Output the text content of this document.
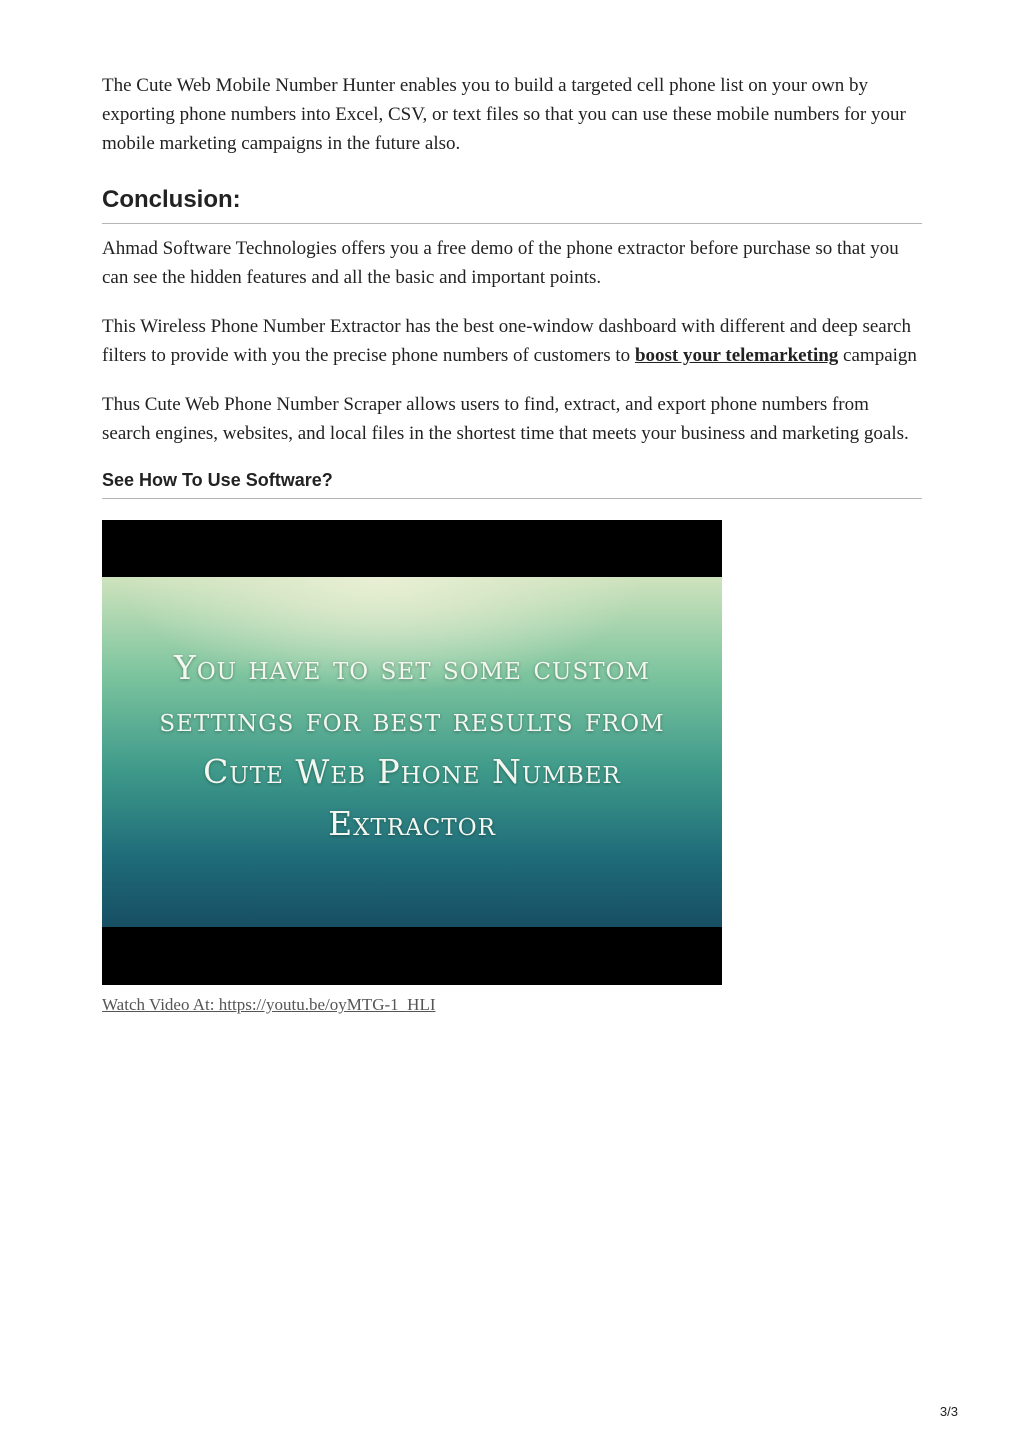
The Cute Web Mobile Number Hunter enables you to build a targeted cell phone list on your own by exporting phone numbers into Excel, CSV, or text files so that you can use these mobile numbers for your mobile marketing campaigns in the future also.

Conclusion:

Ahmad Software Technologies offers you a free demo of the phone extractor before purchase so that you can see the hidden features and all the basic and important points.

This Wireless Phone Number Extractor has the best one-window dashboard with different and deep search filters to provide with you the precise phone numbers of customers to boost your telemarketing campaign

Thus Cute Web Phone Number Scraper allows users to find, extract, and export phone numbers from search engines, websites, and local files in the shortest time that meets your business and marketing goals.

See How To Use Software?
You have to set some custom settings for best results from Cute Web Phone Number Extractor
Watch Video At: https://youtu.be/oyMTG-1_HLI
3/3
